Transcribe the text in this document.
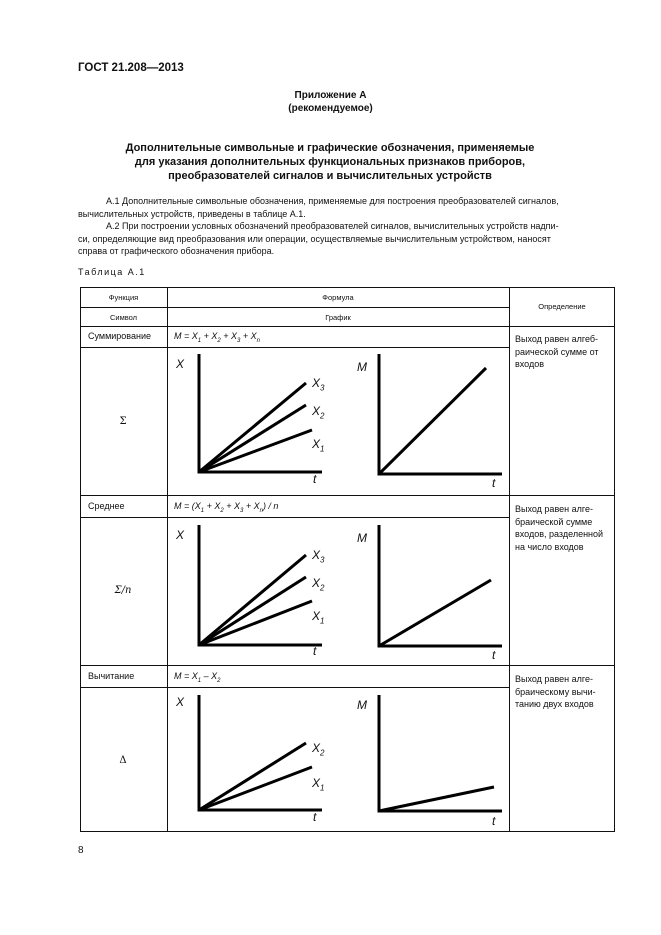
ГОСТ 21.208—2013
Приложение А
(рекомендуемое)
Дополнительные символьные и графические обозначения, применяемые
для указания дополнительных функциональных признаков приборов,
преобразователей сигналов и вычислительных устройств
А.1 Дополнительные символьные обозначения, применяемые для построения преобразователей сигналов,
вычислительных устройств, приведены в таблице А.1.
А.2 При построении условных обозначений преобразователей сигналов, вычислительных устройств надпи-
си, определяющие вид преобразования или операции, осуществляемые вычислительным устройством, наносят
справа от графического обозначения прибора.
Таблица А.1
Функция	Формула
Символ	График
Определение
Суммирование	$M = X_1 + X_2 + X_3 + X_n$	Выход равен алгеб-
раической сумме от
входов
Σ
Среднее	$M = (X_1 + X_2 + X_3 + X_n) / n$	Выход равен алге-
браической сумме
входов, разделенной
на число входов
Σ/n
Вычитание	$M = X_1 - X_2$	Выход равен алге-
браическому вычи-
танию двух входов
Δ
X
$X_3$
$X_2$
$X_1$
t
M
t
X
$X_3$
$X_2$
$X_1$
t
M
t
X
$X_2$
$X_1$
t
M
t
8
